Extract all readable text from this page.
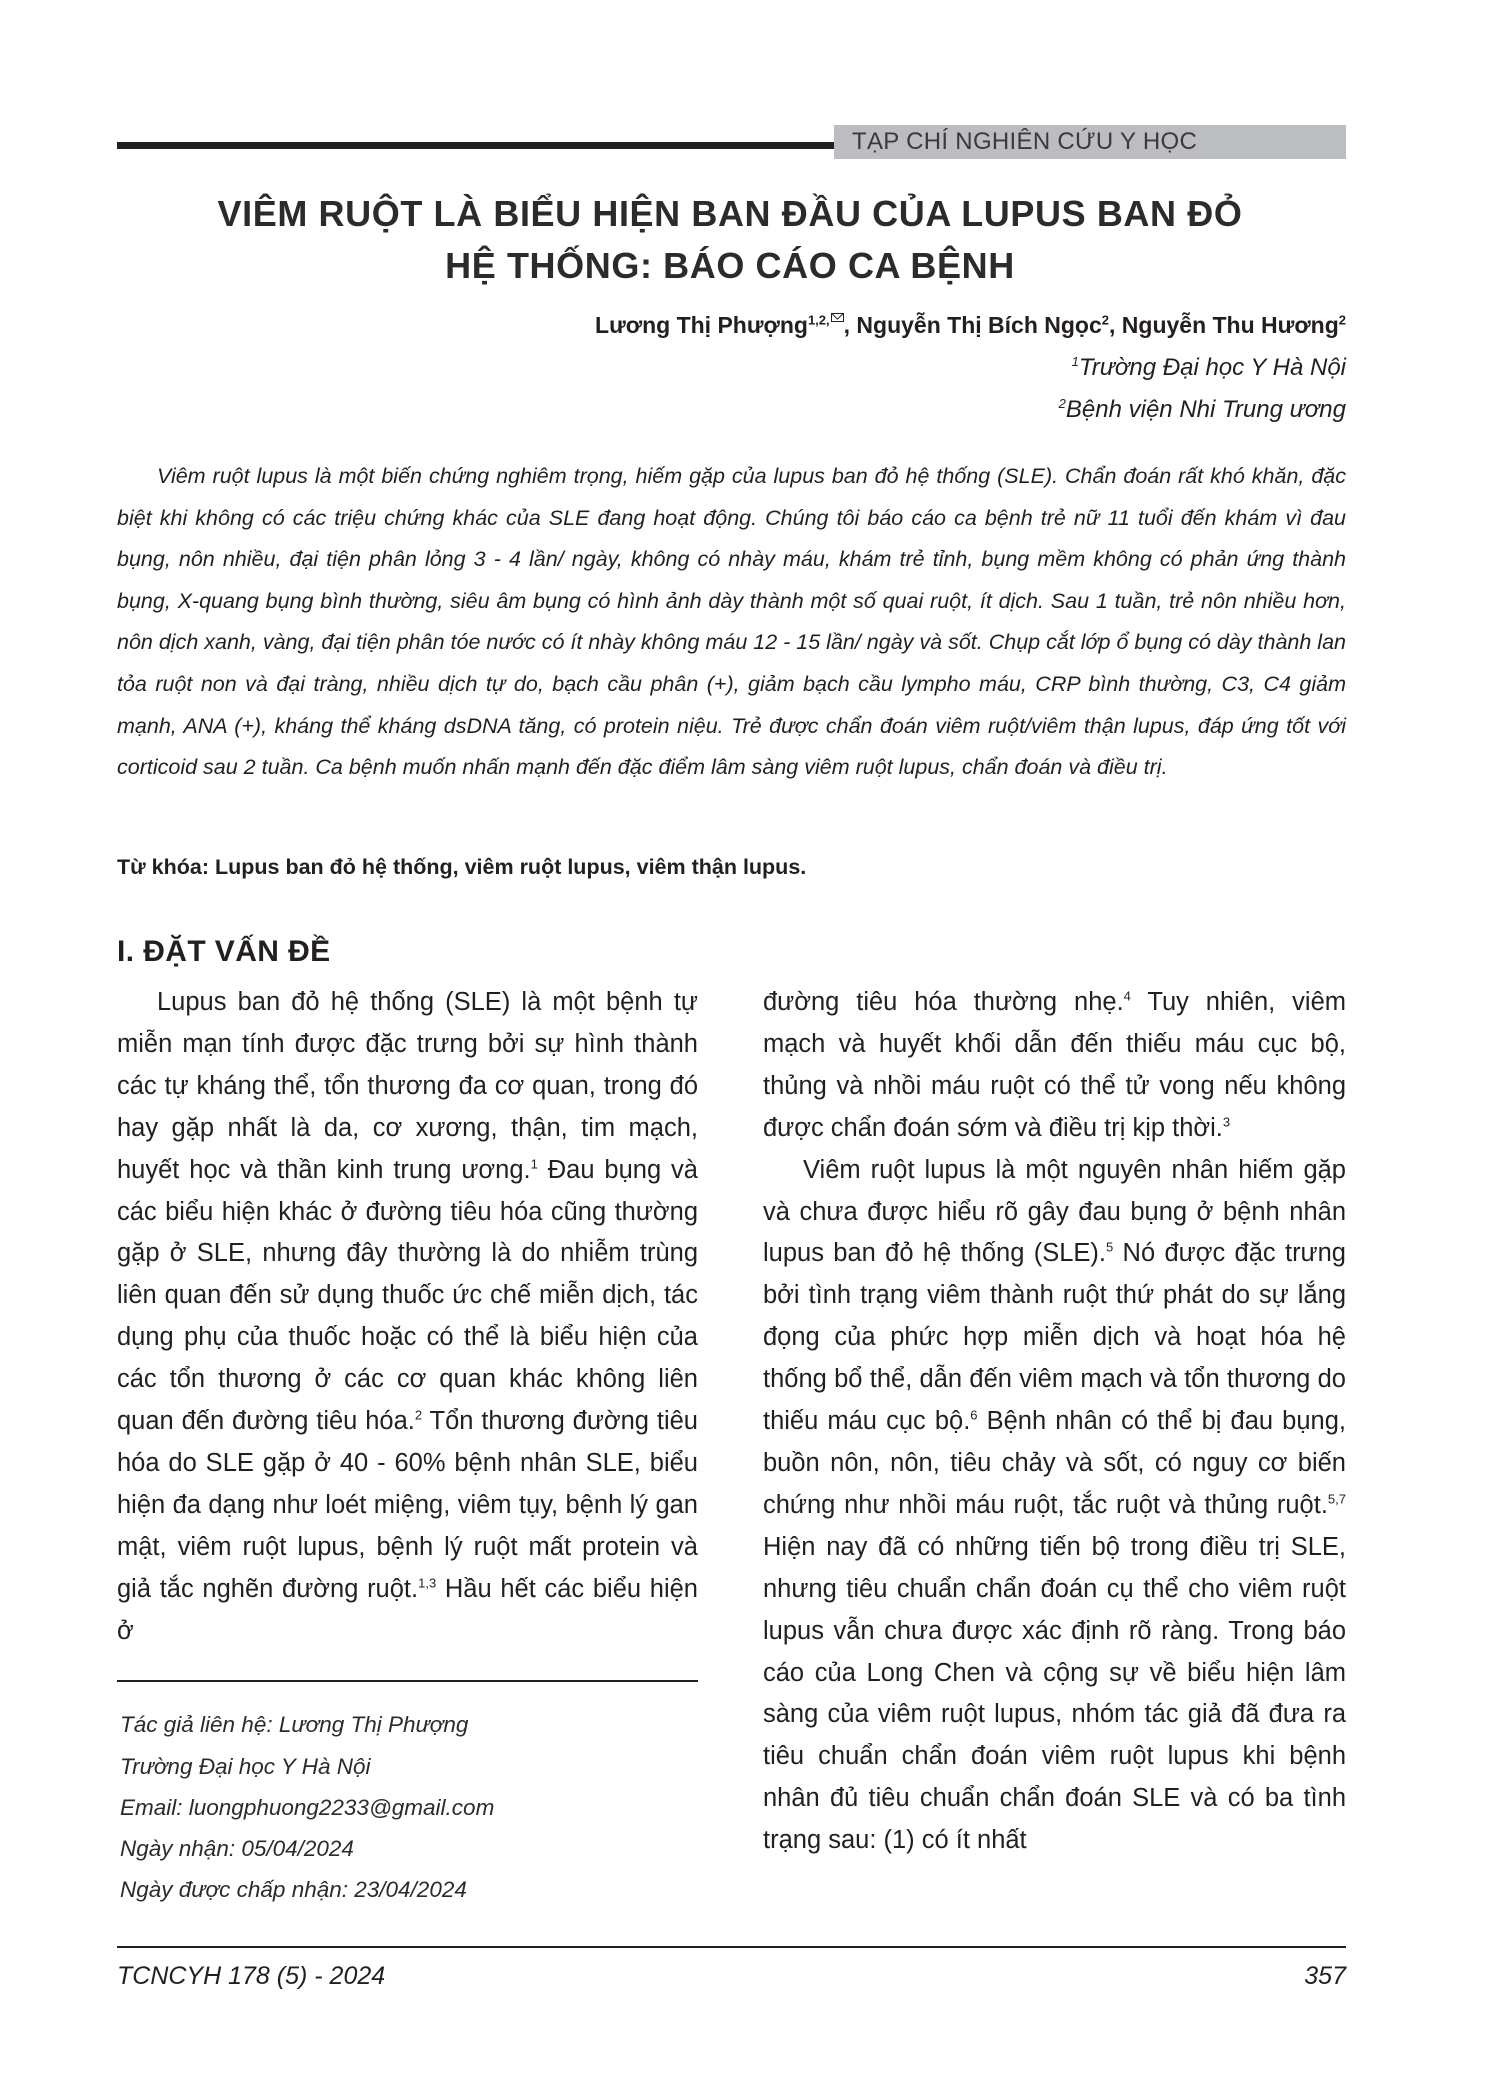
TẠP CHÍ NGHIÊN CỨU Y HỌC
VIÊM RUỘT LÀ BIỂU HIỆN BAN ĐẦU CỦA LUPUS BAN ĐỎ
HỆ THỐNG: BÁO CÁO CA BỆNH
Lương Thị Phượng$^{1,2,}$ , Nguyễn Thị Bích Ngọc$^2$, Nguyễn Thu Hương$^2$
$^1$Trường Đại học Y Hà Nội
$^2$Bệnh viện Nhi Trung ương
Viêm ruột lupus là một biến chứng nghiêm trọng, hiếm gặp của lupus ban đỏ hệ thống (SLE). Chẩn đoán rất khó khăn, đặc biệt khi không có các triệu chứng khác của SLE đang hoạt động. Chúng tôi báo cáo ca bệnh trẻ nữ 11 tuổi đến khám vì đau bụng, nôn nhiều, đại tiện phân lỏng 3 - 4 lần/ ngày, không có nhày máu, khám trẻ tỉnh, bụng mềm không có phản ứng thành bụng, X-quang bụng bình thường, siêu âm bụng có hình ảnh dày thành một số quai ruột, ít dịch. Sau 1 tuần, trẻ nôn nhiều hơn, nôn dịch xanh, vàng, đại tiện phân tóe nước có ít nhày không máu 12 - 15 lần/ ngày và sốt. Chụp cắt lớp ổ bụng có dày thành lan tỏa ruột non và đại tràng, nhiều dịch tự do, bạch cầu phân (+), giảm bạch cầu lympho máu, CRP bình thường, C3, C4 giảm mạnh, ANA (+), kháng thể kháng dsDNA tăng, có protein niệu. Trẻ được chẩn đoán viêm ruột/viêm thận lupus, đáp ứng tốt với corticoid sau 2 tuần. Ca bệnh muốn nhấn mạnh đến đặc điểm lâm sàng viêm ruột lupus, chẩn đoán và điều trị.
Từ khóa: Lupus ban đỏ hệ thống, viêm ruột lupus, viêm thận lupus.
I. ĐẶT VẤN ĐỀ

Lupus ban đỏ hệ thống (SLE) là một bệnh tự miễn mạn tính được đặc trưng bởi sự hình thành các tự kháng thể, tổn thương đa cơ quan, trong đó hay gặp nhất là da, cơ xương, thận, tim mạch, huyết học và thần kinh trung ương.$^1$ Đau bụng và các biểu hiện khác ở đường tiêu hóa cũng thường gặp ở SLE, nhưng đây thường là do nhiễm trùng liên quan đến sử dụng thuốc ức chế miễn dịch, tác dụng phụ của thuốc hoặc có thể là biểu hiện của các tổn thương ở các cơ quan khác không liên quan đến đường tiêu hóa.$^2$ Tổn thương đường tiêu hóa do SLE gặp ở 40 - 60% bệnh nhân SLE, biểu hiện đa dạng như loét miệng, viêm tụy, bệnh lý gan mật, viêm ruột lupus, bệnh lý ruột mất protein và giả tắc nghẽn đường ruột.$^{1,3}$ Hầu hết các biểu hiện ở

Tác giả liên hệ: Lương Thị Phượng
Trường Đại học Y Hà Nội
Email: luongphuong2233@gmail.com
Ngày nhận: 05/04/2024
Ngày được chấp nhận: 23/04/2024

đường tiêu hóa thường nhẹ.$^4$ Tuy nhiên, viêm mạch và huyết khối dẫn đến thiếu máu cục bộ, thủng và nhồi máu ruột có thể tử vong nếu không được chẩn đoán sớm và điều trị kịp thời.$^3$

Viêm ruột lupus là một nguyên nhân hiếm gặp và chưa được hiểu rõ gây đau bụng ở bệnh nhân lupus ban đỏ hệ thống (SLE).$^5$ Nó được đặc trưng bởi tình trạng viêm thành ruột thứ phát do sự lắng đọng của phức hợp miễn dịch và hoạt hóa hệ thống bổ thể, dẫn đến viêm mạch và tổn thương do thiếu máu cục bộ.$^6$ Bệnh nhân có thể bị đau bụng, buồn nôn, nôn, tiêu chảy và sốt, có nguy cơ biến chứng như nhồi máu ruột, tắc ruột và thủng ruột.$^{5,7}$ Hiện nay đã có những tiến bộ trong điều trị SLE, nhưng tiêu chuẩn chẩn đoán cụ thể cho viêm ruột lupus vẫn chưa được xác định rõ ràng. Trong báo cáo của Long Chen và cộng sự về biểu hiện lâm sàng của viêm ruột lupus, nhóm tác giả đã đưa ra tiêu chuẩn chẩn đoán viêm ruột lupus khi bệnh nhân đủ tiêu chuẩn chẩn đoán SLE và có ba tình trạng sau: (1) có ít nhất

TCNCYH 178 (5) - 2024	357
